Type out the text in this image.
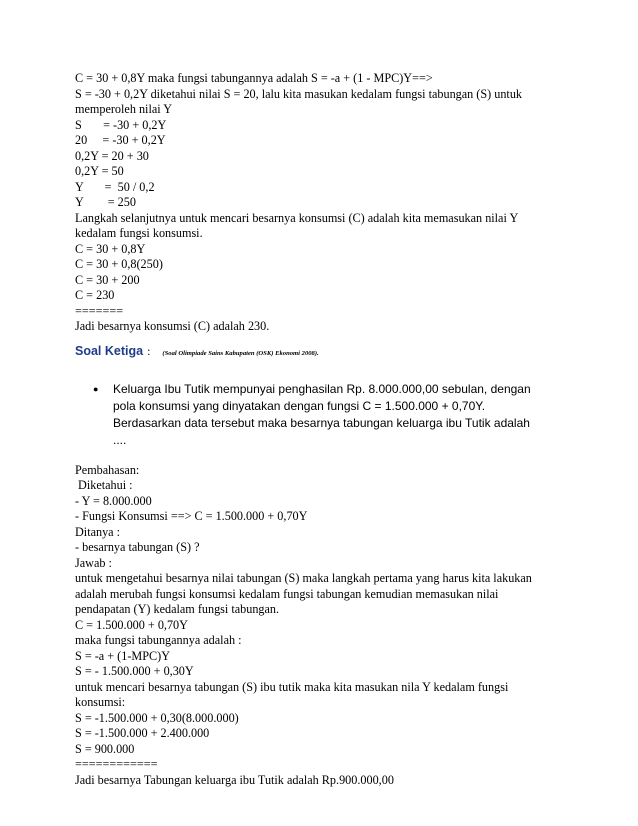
C = 30 + 0,8Y maka fungsi tabungannya adalah S = -a + (1 - MPC)Y==>
S = -30 + 0,2Y diketahui nilai S = 20, lalu kita masukan kedalam fungsi tabungan (S) untuk
memperoleh nilai Y
S       = -30 + 0,2Y
20     = -30 + 0,2Y
0,2Y = 20 + 30
0,2Y = 50
Y       =  50 / 0,2
Y        = 250
Langkah selanjutnya untuk mencari besarnya konsumsi (C) adalah kita memasukan nilai Y
kedalam fungsi konsumsi.
C = 30 + 0,8Y
C = 30 + 0,8(250)
C = 30 + 200
C = 230
=======
Jadi besarnya konsumsi (C) adalah 230.
Soal Ketiga : (Soal Olimpiade Sains Kabupaten (OSK) Ekonomi 2008).
●	Keluarga Ibu Tutik mempunyai penghasilan Rp. 8.000.000,00 sebulan, dengan pola konsumsi yang dinyatakan dengan fungsi C = 1.500.000 + 0,70Y. Berdasarkan data tersebut maka besarnya tabungan keluarga ibu Tutik adalah ....
Pembahasan:
Diketahui :
- Y = 8.000.000
- Fungsi Konsumsi ==> C = 1.500.000 + 0,70Y
Ditanya :
- besarnya tabungan (S) ?
Jawab :
untuk mengetahui besarnya nilai tabungan (S) maka langkah pertama yang harus kita lakukan
adalah merubah fungsi konsumsi kedalam fungsi tabungan kemudian memasukan nilai
pendapatan (Y) kedalam fungsi tabungan.
C = 1.500.000 + 0,70Y
maka fungsi tabungannya adalah :
S = -a + (1-MPC)Y
S = - 1.500.000 + 0,30Y
untuk mencari besarnya tabungan (S) ibu tutik maka kita masukan nila Y kedalam fungsi
konsumsi:
S = -1.500.000 + 0,30(8.000.000)
S = -1.500.000 + 2.400.000
S = 900.000
============
Jadi besarnya Tabungan keluarga ibu Tutik adalah Rp.900.000,00
